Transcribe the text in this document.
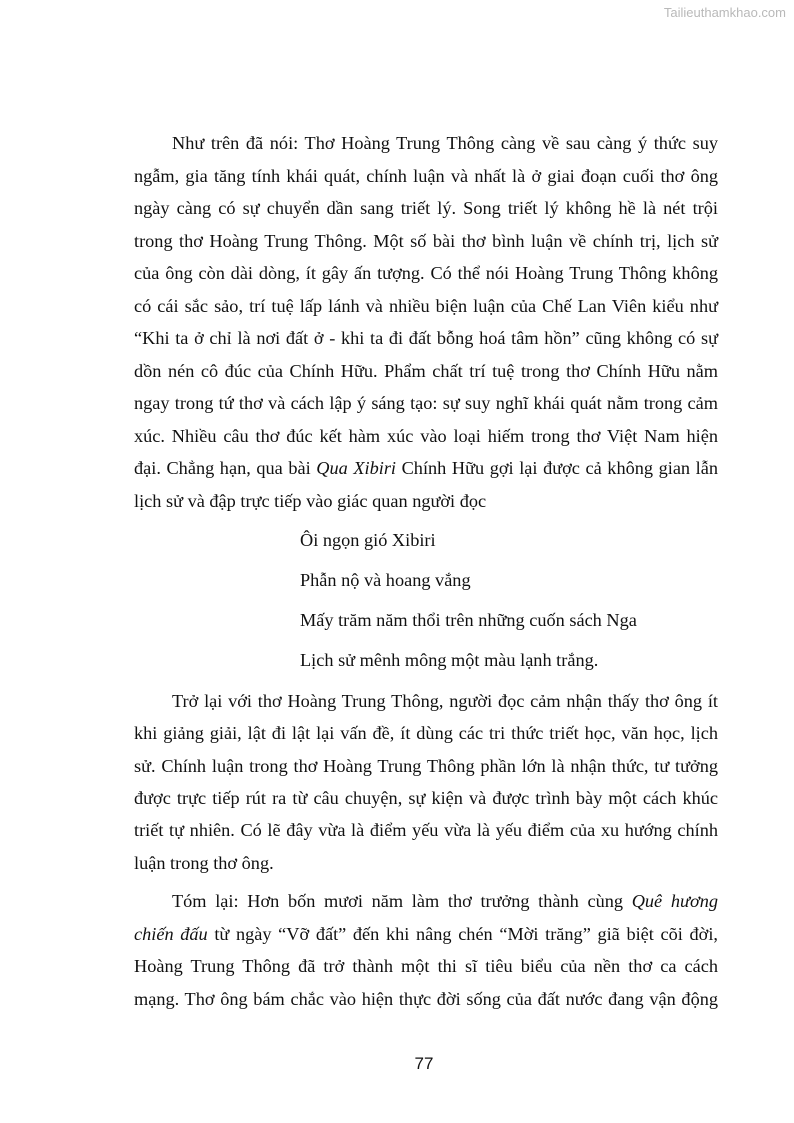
Tailieuthamkhao.com
Như trên đã nói: Thơ Hoàng Trung Thông càng về sau càng ý thức suy
ngẫm, gia tăng tính khái quát, chính luận và nhất là ở giai đoạn cuối thơ ông
ngày càng có sự chuyển dần sang triết lý. Song triết lý không hề là nét trội
trong thơ Hoàng Trung Thông. Một số bài thơ bình luận về chính trị, lịch sử
của ông còn dài dòng, ít gây ấn tượng. Có thể nói Hoàng Trung Thông không
có cái sắc sảo, trí tuệ lấp lánh và nhiều biện luận của Chế Lan Viên kiểu như
“Khi ta ở chỉ là nơi đất ở - khi ta đi đất bỗng hoá tâm hồn” cũng không có sự
dồn nén cô đúc của Chính Hữu. Phẩm chất trí tuệ trong thơ Chính Hữu nằm
ngay trong tứ thơ và cách lập ý sáng tạo: sự suy nghĩ khái quát nằm trong cảm
xúc. Nhiều câu thơ đúc kết hàm xúc vào loại hiếm trong thơ Việt Nam hiện
đại. Chẳng hạn, qua bài Qua Xibiri Chính Hữu gợi lại được cả không gian lẫn
lịch sử và đập trực tiếp vào giác quan người đọc
Ôi ngọn gió Xibiri
Phẫn nộ và hoang vắng
Mấy trăm năm thổi trên những cuốn sách Nga
Lịch sử mênh mông một màu lạnh trắng.
Trở lại với thơ Hoàng Trung Thông, người đọc cảm nhận thấy thơ ông ít
khi giảng giải, lật đi lật lại vấn đề, ít dùng các tri thức triết học, văn học, lịch
sử. Chính luận trong thơ Hoàng Trung Thông phần lớn là nhận thức, tư tưởng
được trực tiếp rút ra từ câu chuyện, sự kiện và được trình bày một cách khúc
triết tự nhiên. Có lẽ đây vừa là điểm yếu vừa là yếu điểm của xu hướng chính
luận trong thơ ông.
Tóm lại: Hơn bốn mươi năm làm thơ trưởng thành cùng Quê hương
chiến đấu từ ngày “Vỡ đất” đến khi nâng chén “Mời trăng” giã biệt cõi đời,
Hoàng Trung Thông đã trở thành một thi sĩ tiêu biểu của nền thơ ca cách
mạng. Thơ ông bám chắc vào hiện thực đời sống của đất nước đang vận động
77
